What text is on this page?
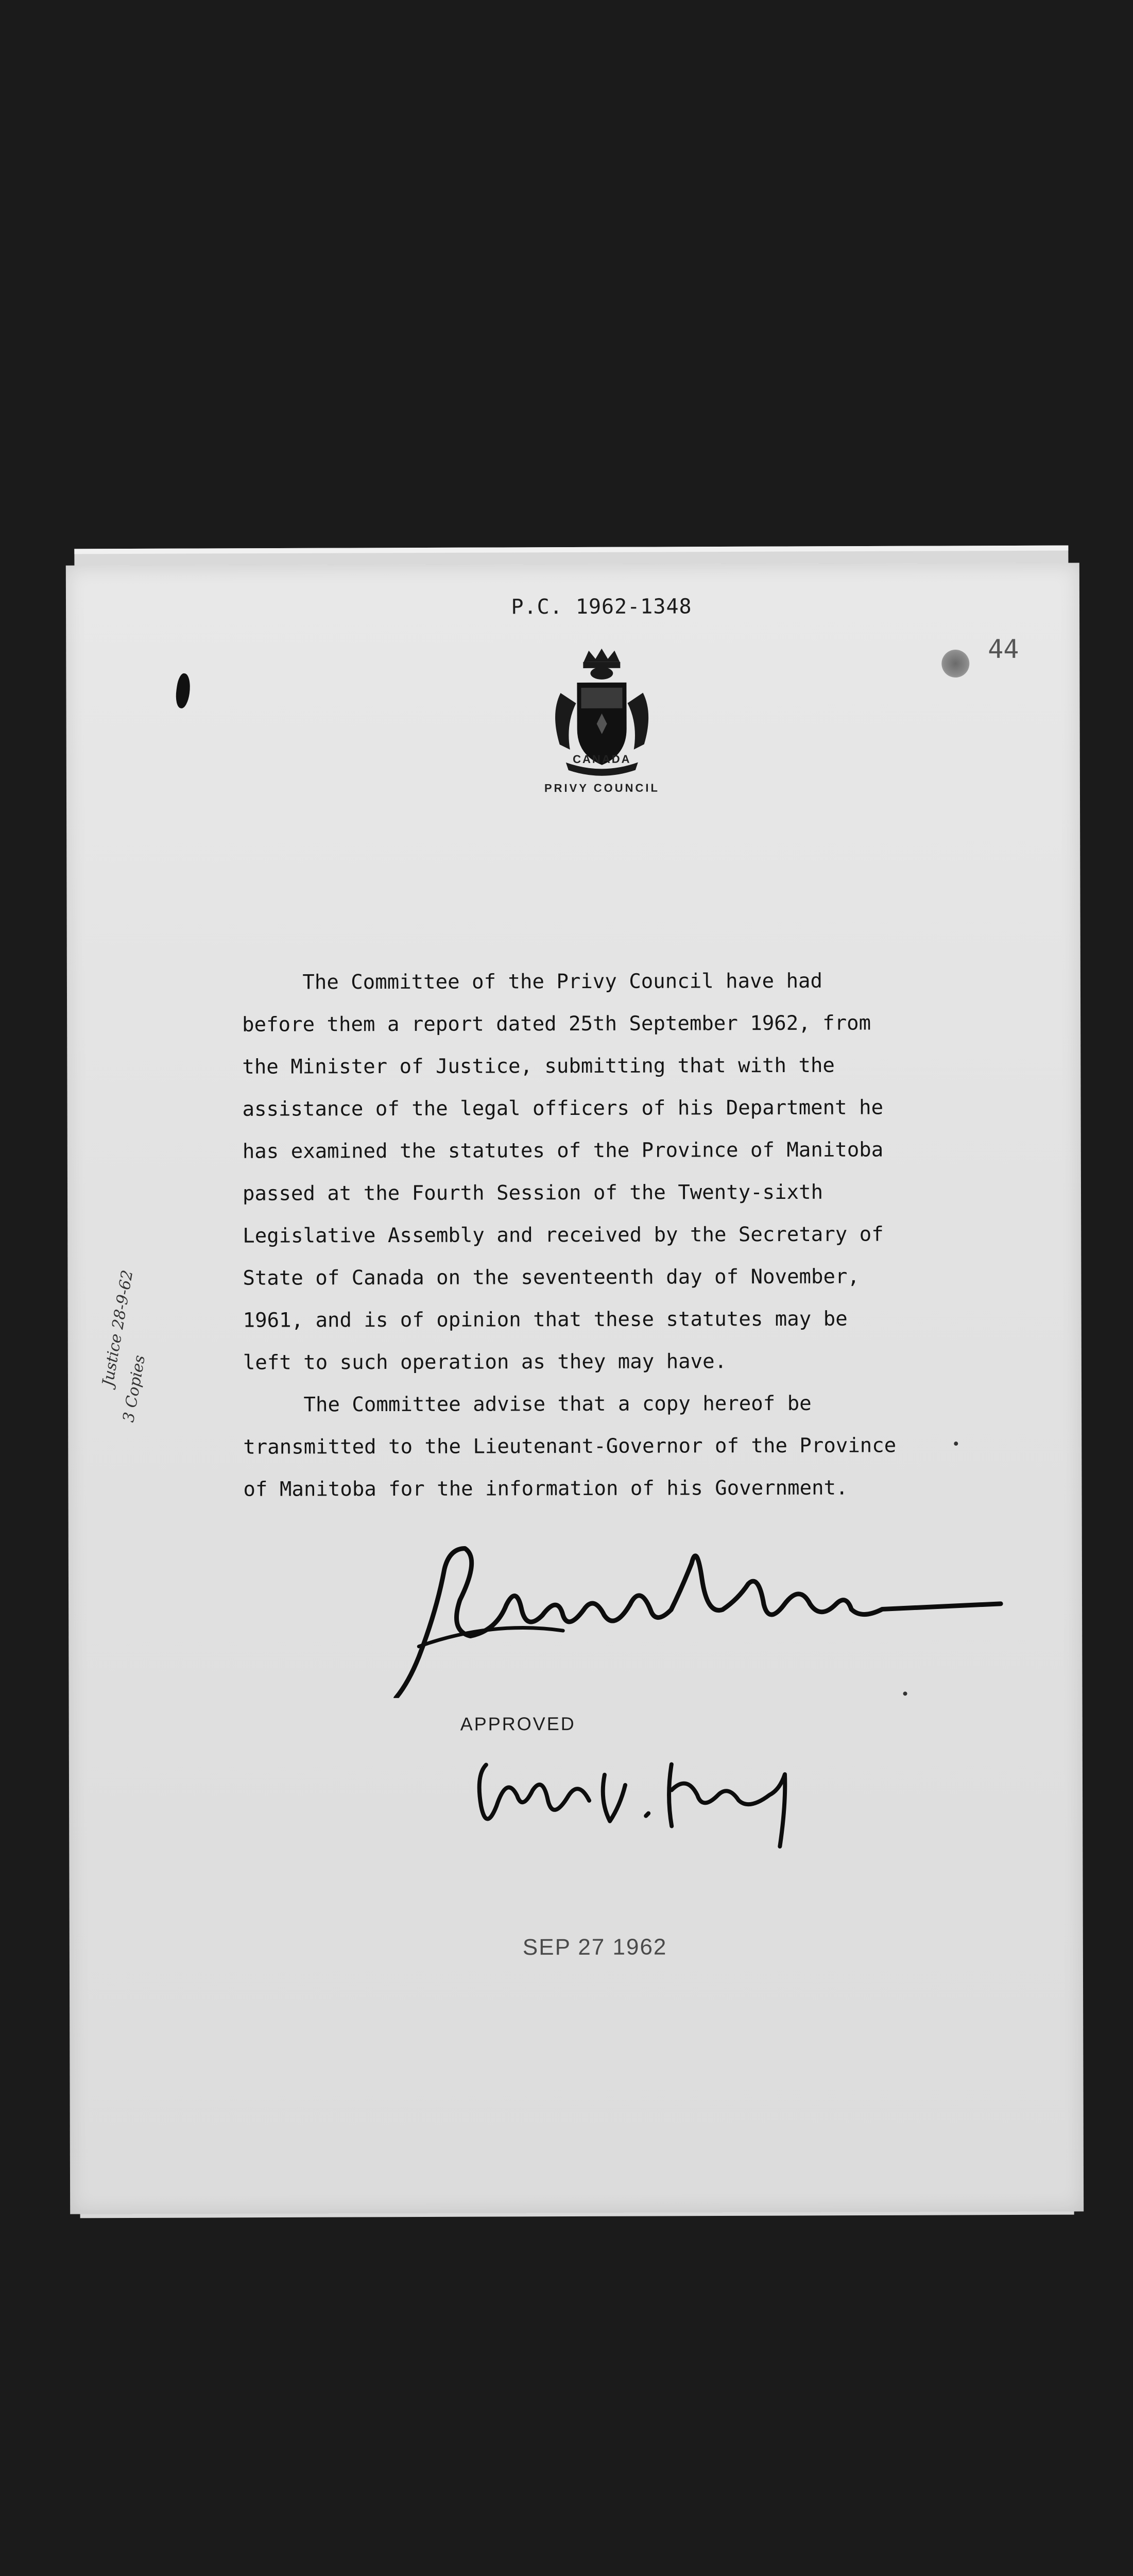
P.C. 1962-1348
44
CANADA
PRIVY COUNCIL
The Committee of the Privy Council have had
before them a report dated 25th September 1962, from
the Minister of Justice, submitting that with the
assistance of the legal officers of his Department he
has examined the statutes of the Province of Manitoba
passed at the Fourth Session of the Twenty-sixth
Legislative Assembly and received by the Secretary of
State of Canada on the seventeenth day of November,
1961, and is of opinion that these statutes may be
left to such operation as they may have.
The Committee advise that a copy hereof be
transmitted to the Lieutenant-Governor of the Province
of Manitoba for the information of his Government.
Justice 28-9-62
3 Copies
APPROVED
SEP 27 1962
